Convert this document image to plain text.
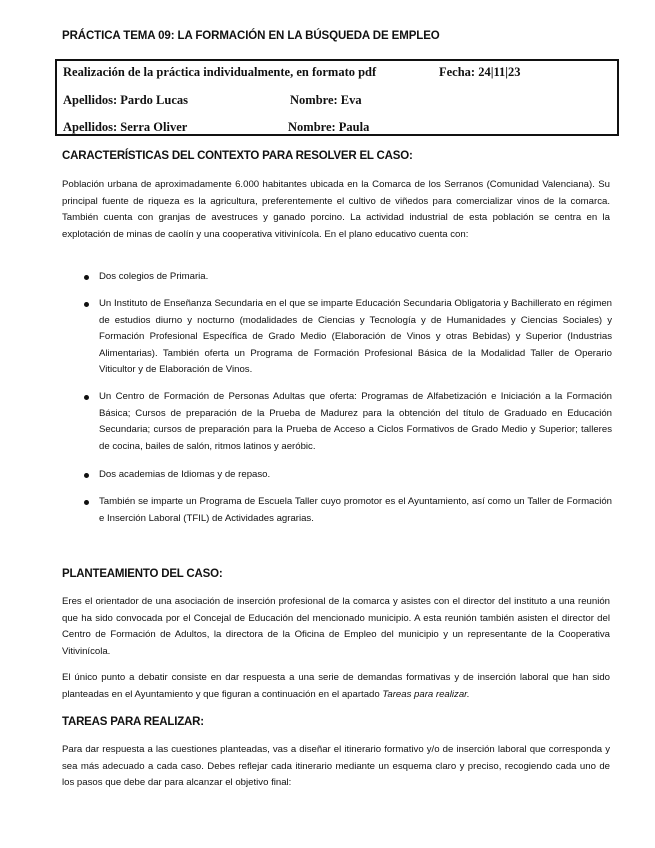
PRÁCTICA TEMA 09: LA FORMACIÓN EN LA BÚSQUEDA DE EMPLEO
Realización de la práctica individualmente, en formato pdf	Fecha: 24|11|23
Apellidos: Pardo Lucas	Nombre: Eva
Apellidos: Serra Oliver	Nombre: Paula
CARACTERÍSTICAS DEL CONTEXTO PARA RESOLVER EL CASO:

Población urbana de aproximadamente 6.000 habitantes ubicada en la Comarca de los Serranos (Comunidad Valenciana). Su principal fuente de riqueza es la agricultura, preferentemente el cultivo de viñedos para comercializar vinos de la comarca. También cuenta con granjas de avestruces y ganado porcino. La actividad industrial de esta población se centra en la explotación de minas de caolín y una cooperativa vitivinícola. En el plano educativo cuenta con:

Dos colegios de Primaria.
Un Instituto de Enseñanza Secundaria en el que se imparte Educación Secundaria Obligatoria y Bachillerato en régimen de estudios diurno y nocturno (modalidades de Ciencias y Tecnología y de Humanidades y Ciencias Sociales) y Formación Profesional Específica de Grado Medio (Elaboración de Vinos y otras Bebidas) y Superior (Industrias Alimentarias). También oferta un Programa de Formación Profesional Básica de la Modalidad Taller de Operario Viticultor y de Elaboración de Vinos.
Un Centro de Formación de Personas Adultas que oferta: Programas de Alfabetización e Iniciación a la Formación Básica; Cursos de preparación de la Prueba de Madurez para la obtención del título de Graduado en Educación Secundaria; cursos de preparación para la Prueba de Acceso a Ciclos Formativos de Grado Medio y Superior; talleres de cocina, bailes de salón, ritmos latinos y aeróbic.
Dos academias de Idiomas y de repaso.
También se imparte un Programa de Escuela Taller cuyo promotor es el Ayuntamiento, así como un Taller de Formación e Inserción Laboral (TFIL) de Actividades agrarias.
PLANTEAMIENTO DEL CASO:

Eres el orientador de una asociación de inserción profesional de la comarca y asistes con el director del instituto a una reunión que ha sido convocada por el Concejal de Educación del mencionado municipio. A esta reunión también asisten el director del Centro de Formación de Adultos, la directora de la Oficina de Empleo del municipio y un representante de la Cooperativa Vitivinícola.

El único punto a debatir consiste en dar respuesta a una serie de demandas formativas y de inserción laboral que han sido planteadas en el Ayuntamiento y que figuran a continuación en el apartado Tareas para realizar.

TAREAS PARA REALIZAR:

Para dar respuesta a las cuestiones planteadas, vas a diseñar el itinerario formativo y/o de inserción laboral que corresponda y sea más adecuado a cada caso. Debes reflejar cada itinerario mediante un esquema claro y preciso, recogiendo cada uno de los pasos que debe dar para alcanzar el objetivo final:
